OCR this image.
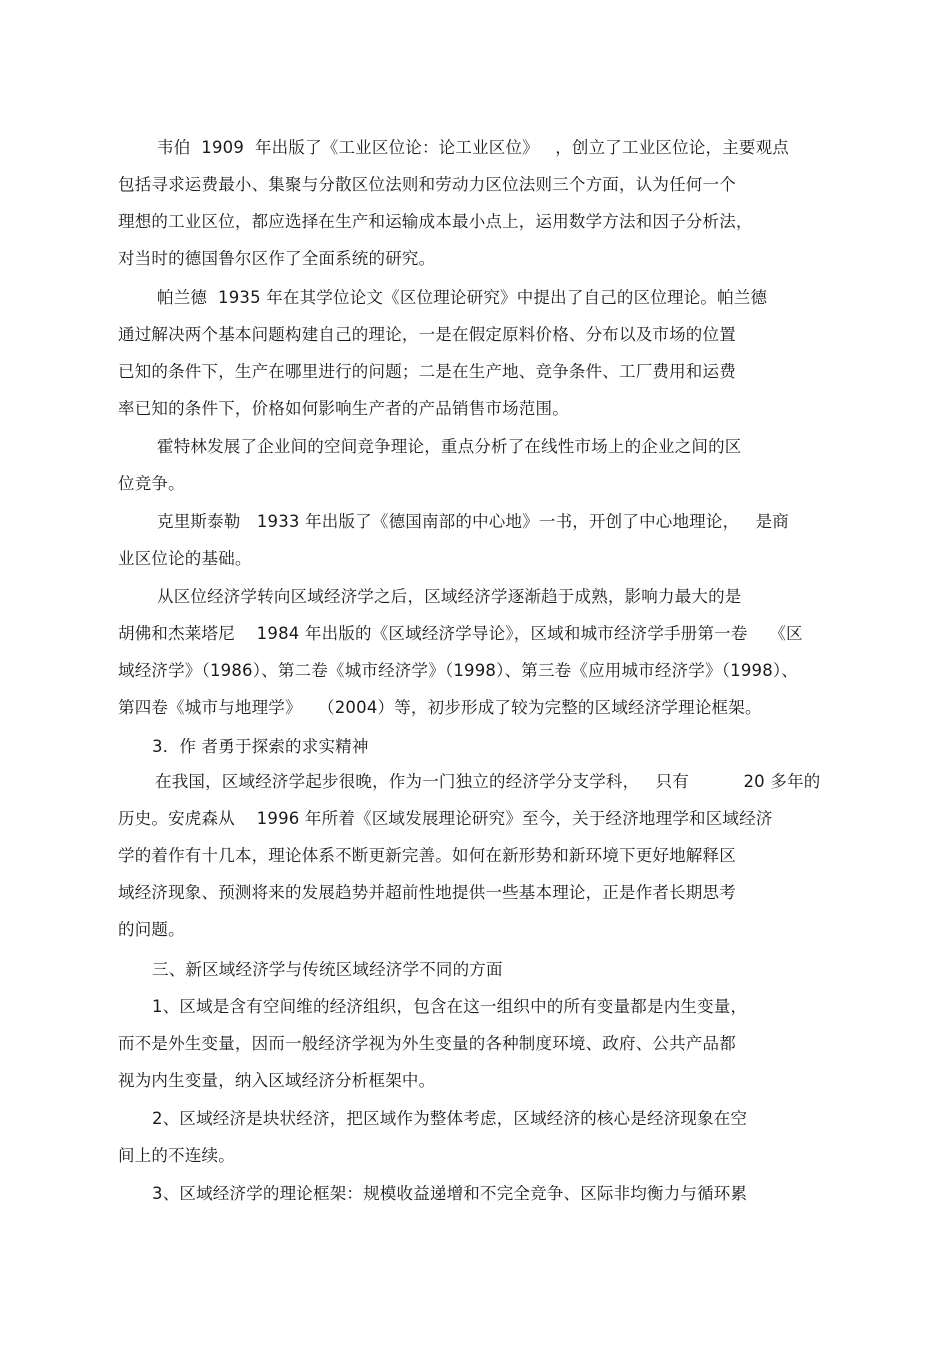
韦伯  1909  年出版了《工业区位论：论工业区位》   ，创立了工业区位论，主要观点
包括寻求运费最小、集聚与分散区位法则和劳动力区位法则三个方面，认为任何一个
理想的工业区位，都应选择在生产和运输成本最小点上，运用数学方法和因子分析法，
对当时的德国鲁尔区作了全面系统的研究。
帕兰德  1935 年在其学位论文《区位理论研究》中提出了自己的区位理论。帕兰德
通过解决两个基本问题构建自己的理论，一是在假定原料价格、分布以及市场的位置
已知的条件下，生产在哪里进行的问题；二是在生产地、竞争条件、工厂费用和运费
率已知的条件下，价格如何影响生产者的产品销售市场范围。
霍特林发展了企业间的空间竞争理论，重点分析了在线性市场上的企业之间的区
位竞争。
克里斯泰勒   1933 年出版了《德国南部的中心地》一书，开创了中心地理论，   是商
业区位论的基础。
从区位经济学转向区域经济学之后，区域经济学逐渐趋于成熟，影响力最大的是
胡佛和杰莱塔尼    1984 年出版的《区域经济学导论》，区域和城市经济学手册第一卷    《区
域经济学》（1986）、第二卷《城市经济学》（1998）、第三卷《应用城市经济学》（1998）、
第四卷《城市与地理学》   （2004）等，初步形成了较为完整的区域经济学理论框架。
3．作 者勇于探索的求实精神
在我国，区域经济学起步很晚，作为一门独立的经济学分支学科，   只有          20 多年的
历史。安虎森从    1996 年所着《区域发展理论研究》至今，关于经济地理学和区域经济
学的着作有十几本，理论体系不断更新完善。如何在新形势和新环境下更好地解释区
域经济现象、预测将来的发展趋势并超前性地提供一些基本理论，正是作者长期思考
的问题。
三、新区域经济学与传统区域经济学不同的方面
1、区域是含有空间维的经济组织，包含在这一组织中的所有变量都是内生变量，
而不是外生变量，因而一般经济学视为外生变量的各种制度环境、政府、公共产品都
视为内生变量，纳入区域经济分析框架中。
2、区域经济是块状经济，把区域作为整体考虑，区域经济的核心是经济现象在空
间上的不连续。
3、区域经济学的理论框架：规模收益递增和不完全竞争、区际非均衡力与循环累
